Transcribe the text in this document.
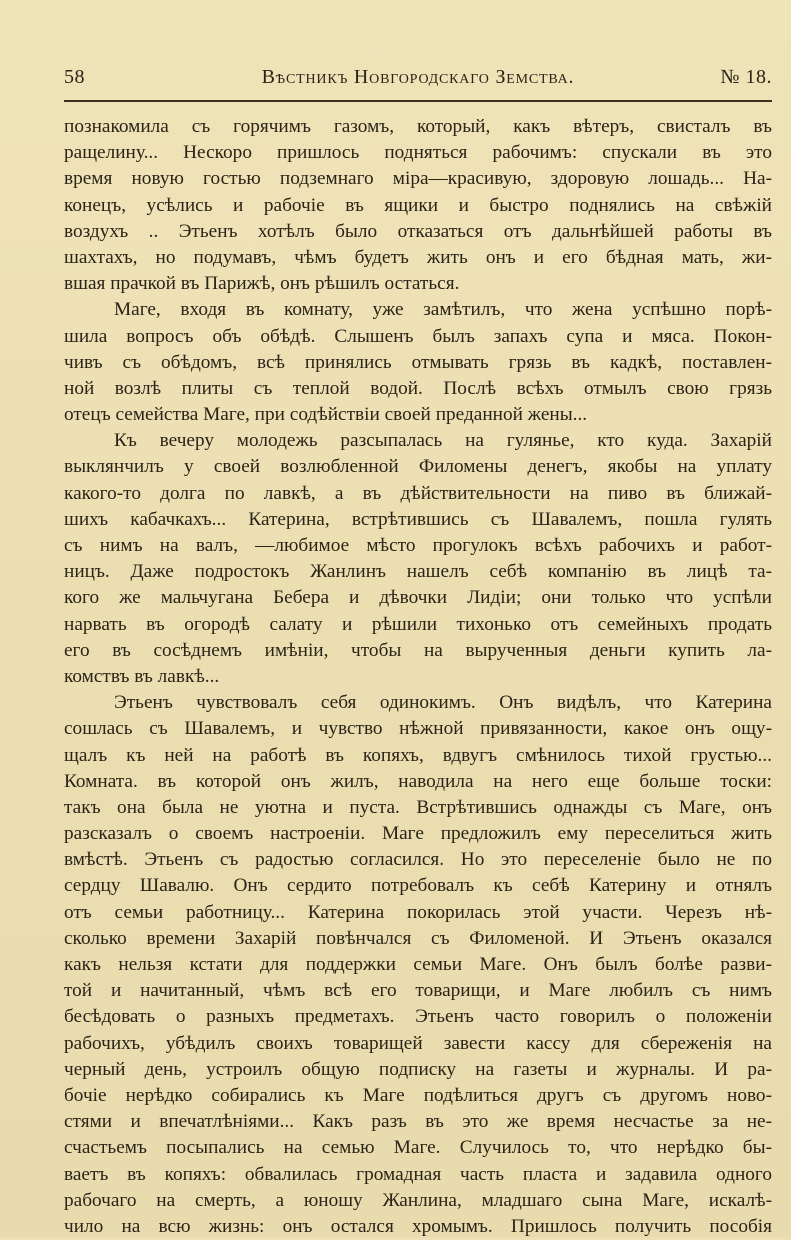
58	Вѣстникъ Новгородскаго Земства.	№ 18.
познакомила съ горячимъ газомъ, который, какъ вѣтеръ, свисталъ въ
ращелину... Нескоро пришлось подняться рабочимъ: спускали въ это
время новую гостью подземнаго міра—красивую, здоровую лошадь... На-
конецъ, усѣлись и рабочіе въ ящики и быстро поднялись на свѣжій
воздухъ .. Этьенъ хотѣлъ было отказаться отъ дальнѣйшей работы въ
шахтахъ, но подумавъ, чѣмъ будетъ жить онъ и его бѣдная мать, жи-
вшая прачкой въ Парижѣ, онъ рѣшилъ остаться.
Маге, входя въ комнату, уже замѣтилъ, что жена успѣшно порѣ-
шила вопросъ объ обѣдѣ. Слышенъ былъ запахъ супа и мяса. Покон-
чивъ съ обѣдомъ, всѣ принялись отмывать грязь въ кадкѣ, поставлен-
ной возлѣ плиты съ теплой водой. Послѣ всѣхъ отмылъ свою грязь
отецъ семейства Маге, при содѣйствіи своей преданной жены...
Къ вечеру молодежь разсыпалась на гулянье, кто куда. Захарій
выклянчилъ у своей возлюбленной Филомены денегъ, якобы на уплату
какого-то долга по лавкѣ, а въ дѣйствительности на пиво въ ближай-
шихъ кабачкахъ... Катерина, встрѣтившись съ Шавалемъ, пошла гулять
съ нимъ на валъ, —любимое мѣсто прогулокъ всѣхъ рабочихъ и работ-
ницъ. Даже подростокъ Жанлинъ нашелъ себѣ компанію въ лицѣ та-
кого же мальчугана Бебера и дѣвочки Лидіи; они только что успѣли
нарвать въ огородѣ салату и рѣшили тихонько отъ семейныхъ продать
его въ сосѣднемъ имѣніи, чтобы на вырученныя деньги купить ла-
комствъ въ лавкѣ...
Этьенъ чувствовалъ себя одинокимъ. Онъ видѣлъ, что Катерина
сошлась съ Шавалемъ, и чувство нѣжной привязанности, какое онъ ощу-
щалъ къ ней на работѣ въ копяхъ, вдвугъ смѣнилось тихой грустью...
Комната. въ которой онъ жилъ, наводила на него еще больше тоски:
такъ она была не уютна и пуста. Встрѣтившись однажды съ Маге, онъ
разсказалъ о своемъ настроеніи. Маге предложилъ ему переселиться жить
вмѣстѣ. Этьенъ съ радостью согласился. Но это переселеніе было не по
сердцу Шавалю. Онъ сердито потребовалъ къ себѣ Катерину и отнялъ
отъ семьи работницу... Катерина покорилась этой участи. Черезъ нѣ-
сколько времени Захарій повѣнчался съ Филоменой. И Этьенъ оказался
какъ нельзя кстати для поддержки семьи Маге. Онъ былъ болѣе разви-
той и начитанный, чѣмъ всѣ его товарищи, и Маге любилъ съ нимъ
бесѣдовать о разныхъ предметахъ. Этьенъ часто говорилъ о положеніи
рабочихъ, убѣдилъ своихъ товарищей завести кассу для сбереженія на
черный день, устроилъ общую подписку на газеты и журналы. И ра-
бочіе нерѣдко собирались къ Маге подѣлиться другъ съ другомъ ново-
стями и впечатлѣніями... Какъ разъ въ это же время несчастье за не-
счастьемъ посыпались на семью Маге. Случилось то, что нерѣдко бы-
ваетъ въ копяхъ: обвалилась громадная часть пласта и задавила одного
рабочаго на смерть, а юношу Жанлина, младшаго сына Маге, искалѣ-
чило на всю жизнь: онъ остался хромымъ. Пришлось получить пособія
